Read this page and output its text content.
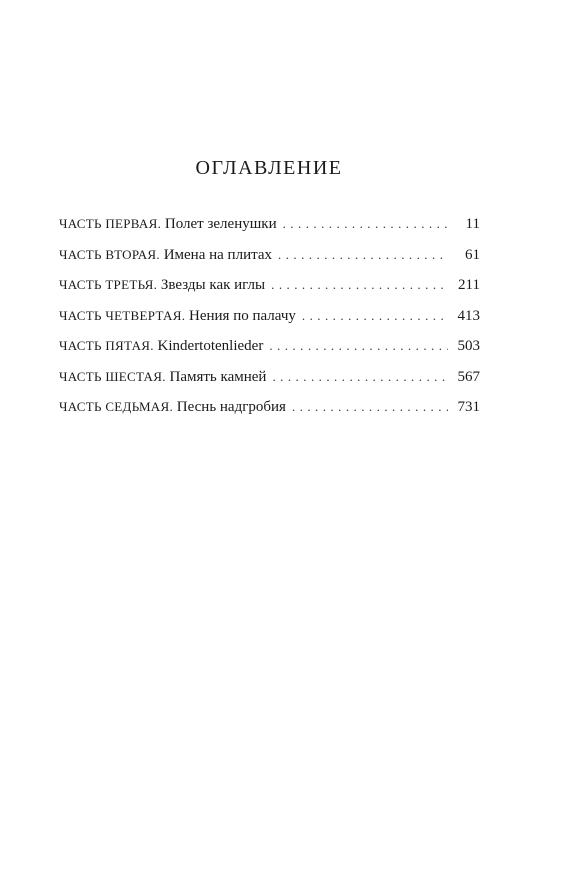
ОГЛАВЛЕНИЕ
ЧАСТЬ ПЕРВАЯ. Полет зеленушки . . .	11
ЧАСТЬ ВТОРАЯ. Имена на плитах . . .	61
ЧАСТЬ ТРЕТЬЯ. Звезды как иглы . . .	211
ЧАСТЬ ЧЕТВЕРТАЯ. Нения по палачу . . .	413
ЧАСТЬ ПЯТАЯ. Kindertotenlieder . . .	503
ЧАСТЬ ШЕСТАЯ. Память камней . . .	567
ЧАСТЬ СЕДЬМАЯ. Песнь надгробия . . .	731
